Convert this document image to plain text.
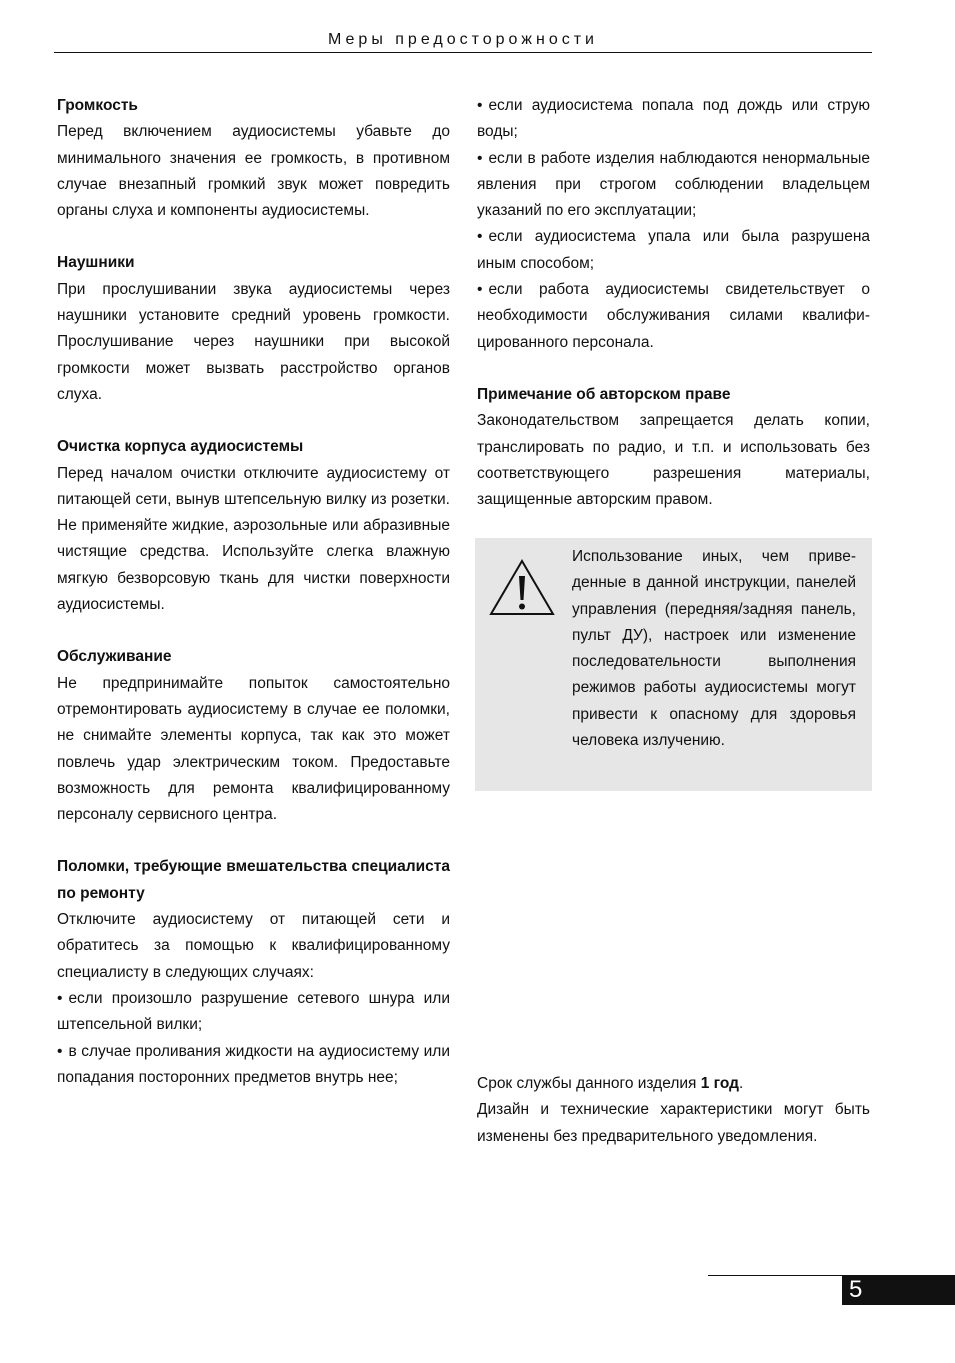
Меры предосторожности
Громкость

Перед включением аудиосистемы убавьте до минимального значения ее громкость, в противном случае внезапный громкий звук может повредить органы слуха и компоненты аудиосистемы.

Наушники

При прослушивании звука аудиосистемы через наушники установите средний уровень громкости. Прослушивание через наушники при высокой громкости может вызвать расстройство органов слуха.

Очистка корпуса аудиосистемы

Перед началом очистки отключите аудиосистему от питающей сети, вынув штепсельную вилку из розетки. Не применяйте жидкие, аэрозольные или абразивные чистящие средства. Используйте слегка влажную мягкую безворсовую ткань для чистки поверхности аудиосистемы.

Обслуживание

Не предпринимайте попыток самостоятельно отремонтировать аудиосистему в случае ее поломки, не снимайте элементы корпуса, так как это может повлечь удар электрическим током. Предоставьте возможность для ремонта квалифицированному персоналу сервисного центра.

Поломки, требующие вмешательства специалиста по ремонту

Отключите аудиосистему от питающей сети и обратитесь за помощью к квалифицированному специалисту в следующих случаях:

• если произошло разрушение сетевого шнура или штепсельной вилки;

• в случае проливания жидкости на аудиосистему или попадания посторонних предметов внутрь нее;

• если аудиосистема попала под дождь или струю воды;

• если в работе изделия наблюдаются ненормальные явления при строгом соблюдении владельцем указаний по его эксплуатации;

• если аудиосистема упала или была разрушена иным способом;

• если работа аудиосистемы свидетельствует о необходимости обслуживания силами квалифицированного персонала.

Примечание об авторском праве

Законодательством запрещается делать копии, транслировать по радио, и т.п. и использовать без соответствующего разрешения материалы, защищенные авторским правом.

Использование иных, чем приведенные в данной инструкции, панелей управления (передняя/задняя панель, пульт ДУ), настроек или изменение последовательности выполнения режимов работы аудиосистемы могут привести к опасному для здоровья человека излучению.

Срок службы данного изделия 1 год.

Дизайн и технические характеристики могут быть изменены без предварительного уведомления.

5
